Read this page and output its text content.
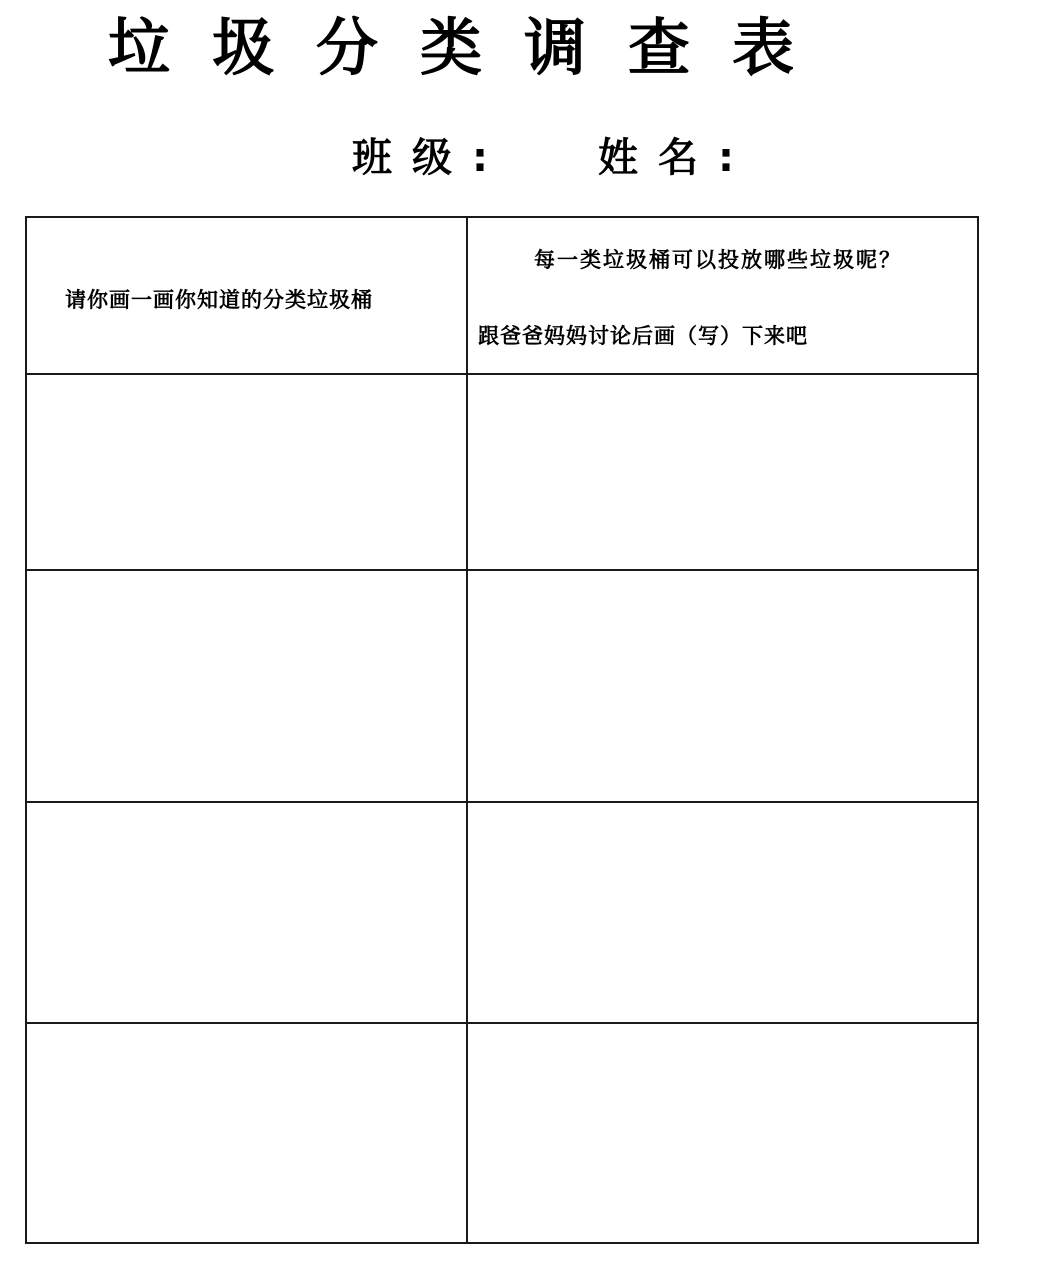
垃圾分类调查表
班级: 姓名:
请你画一画你知道的分类垃圾桶	每一类垃圾桶可以投放哪些垃圾呢？
跟爸爸妈妈讨论后画（写）下来吧
